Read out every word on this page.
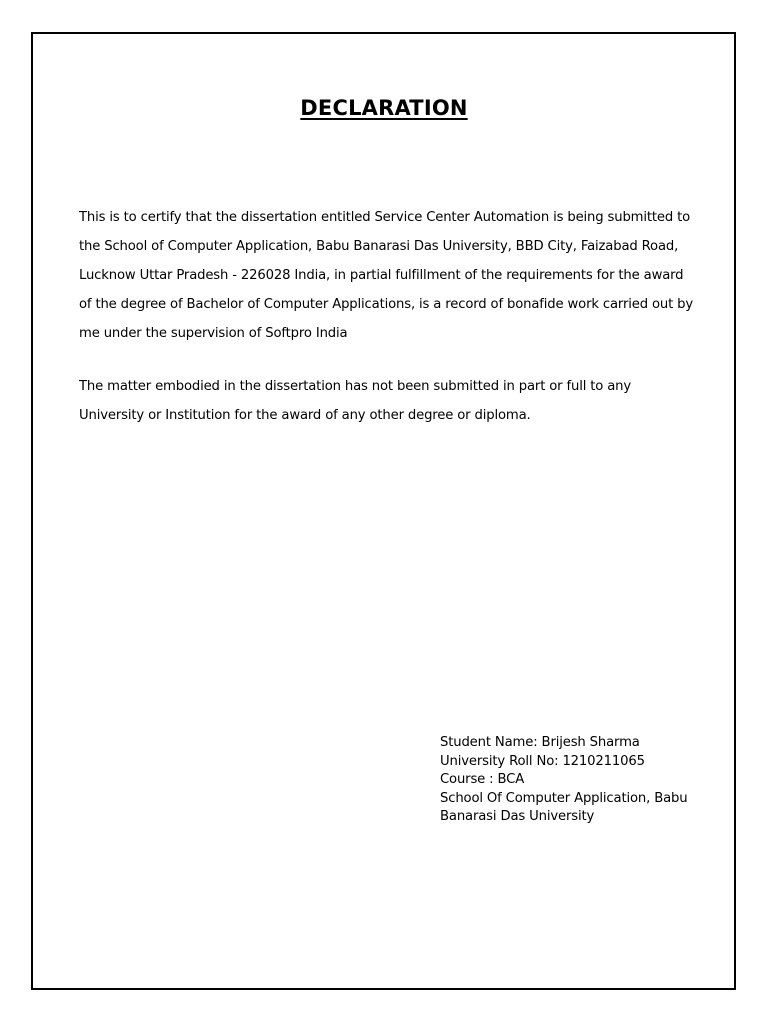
DECLARATION

This is to certify that the dissertation entitled Service Center Automation is being submitted to the School of Computer Application, Babu Banarasi Das University, BBD City, Faizabad Road, Lucknow Uttar Pradesh - 226028 India, in partial fulfillment of the requirements for the award of the degree of Bachelor of Computer Applications, is a record of bonafide work carried out by me under the supervision of Softpro India

The matter embodied in the dissertation has not been submitted in part or full to any University or Institution for the award of any other degree or diploma.

Student Name: Brijesh Sharma
University Roll No: 1210211065
Course : BCA
School Of Computer Application, Babu
Banarasi Das University
